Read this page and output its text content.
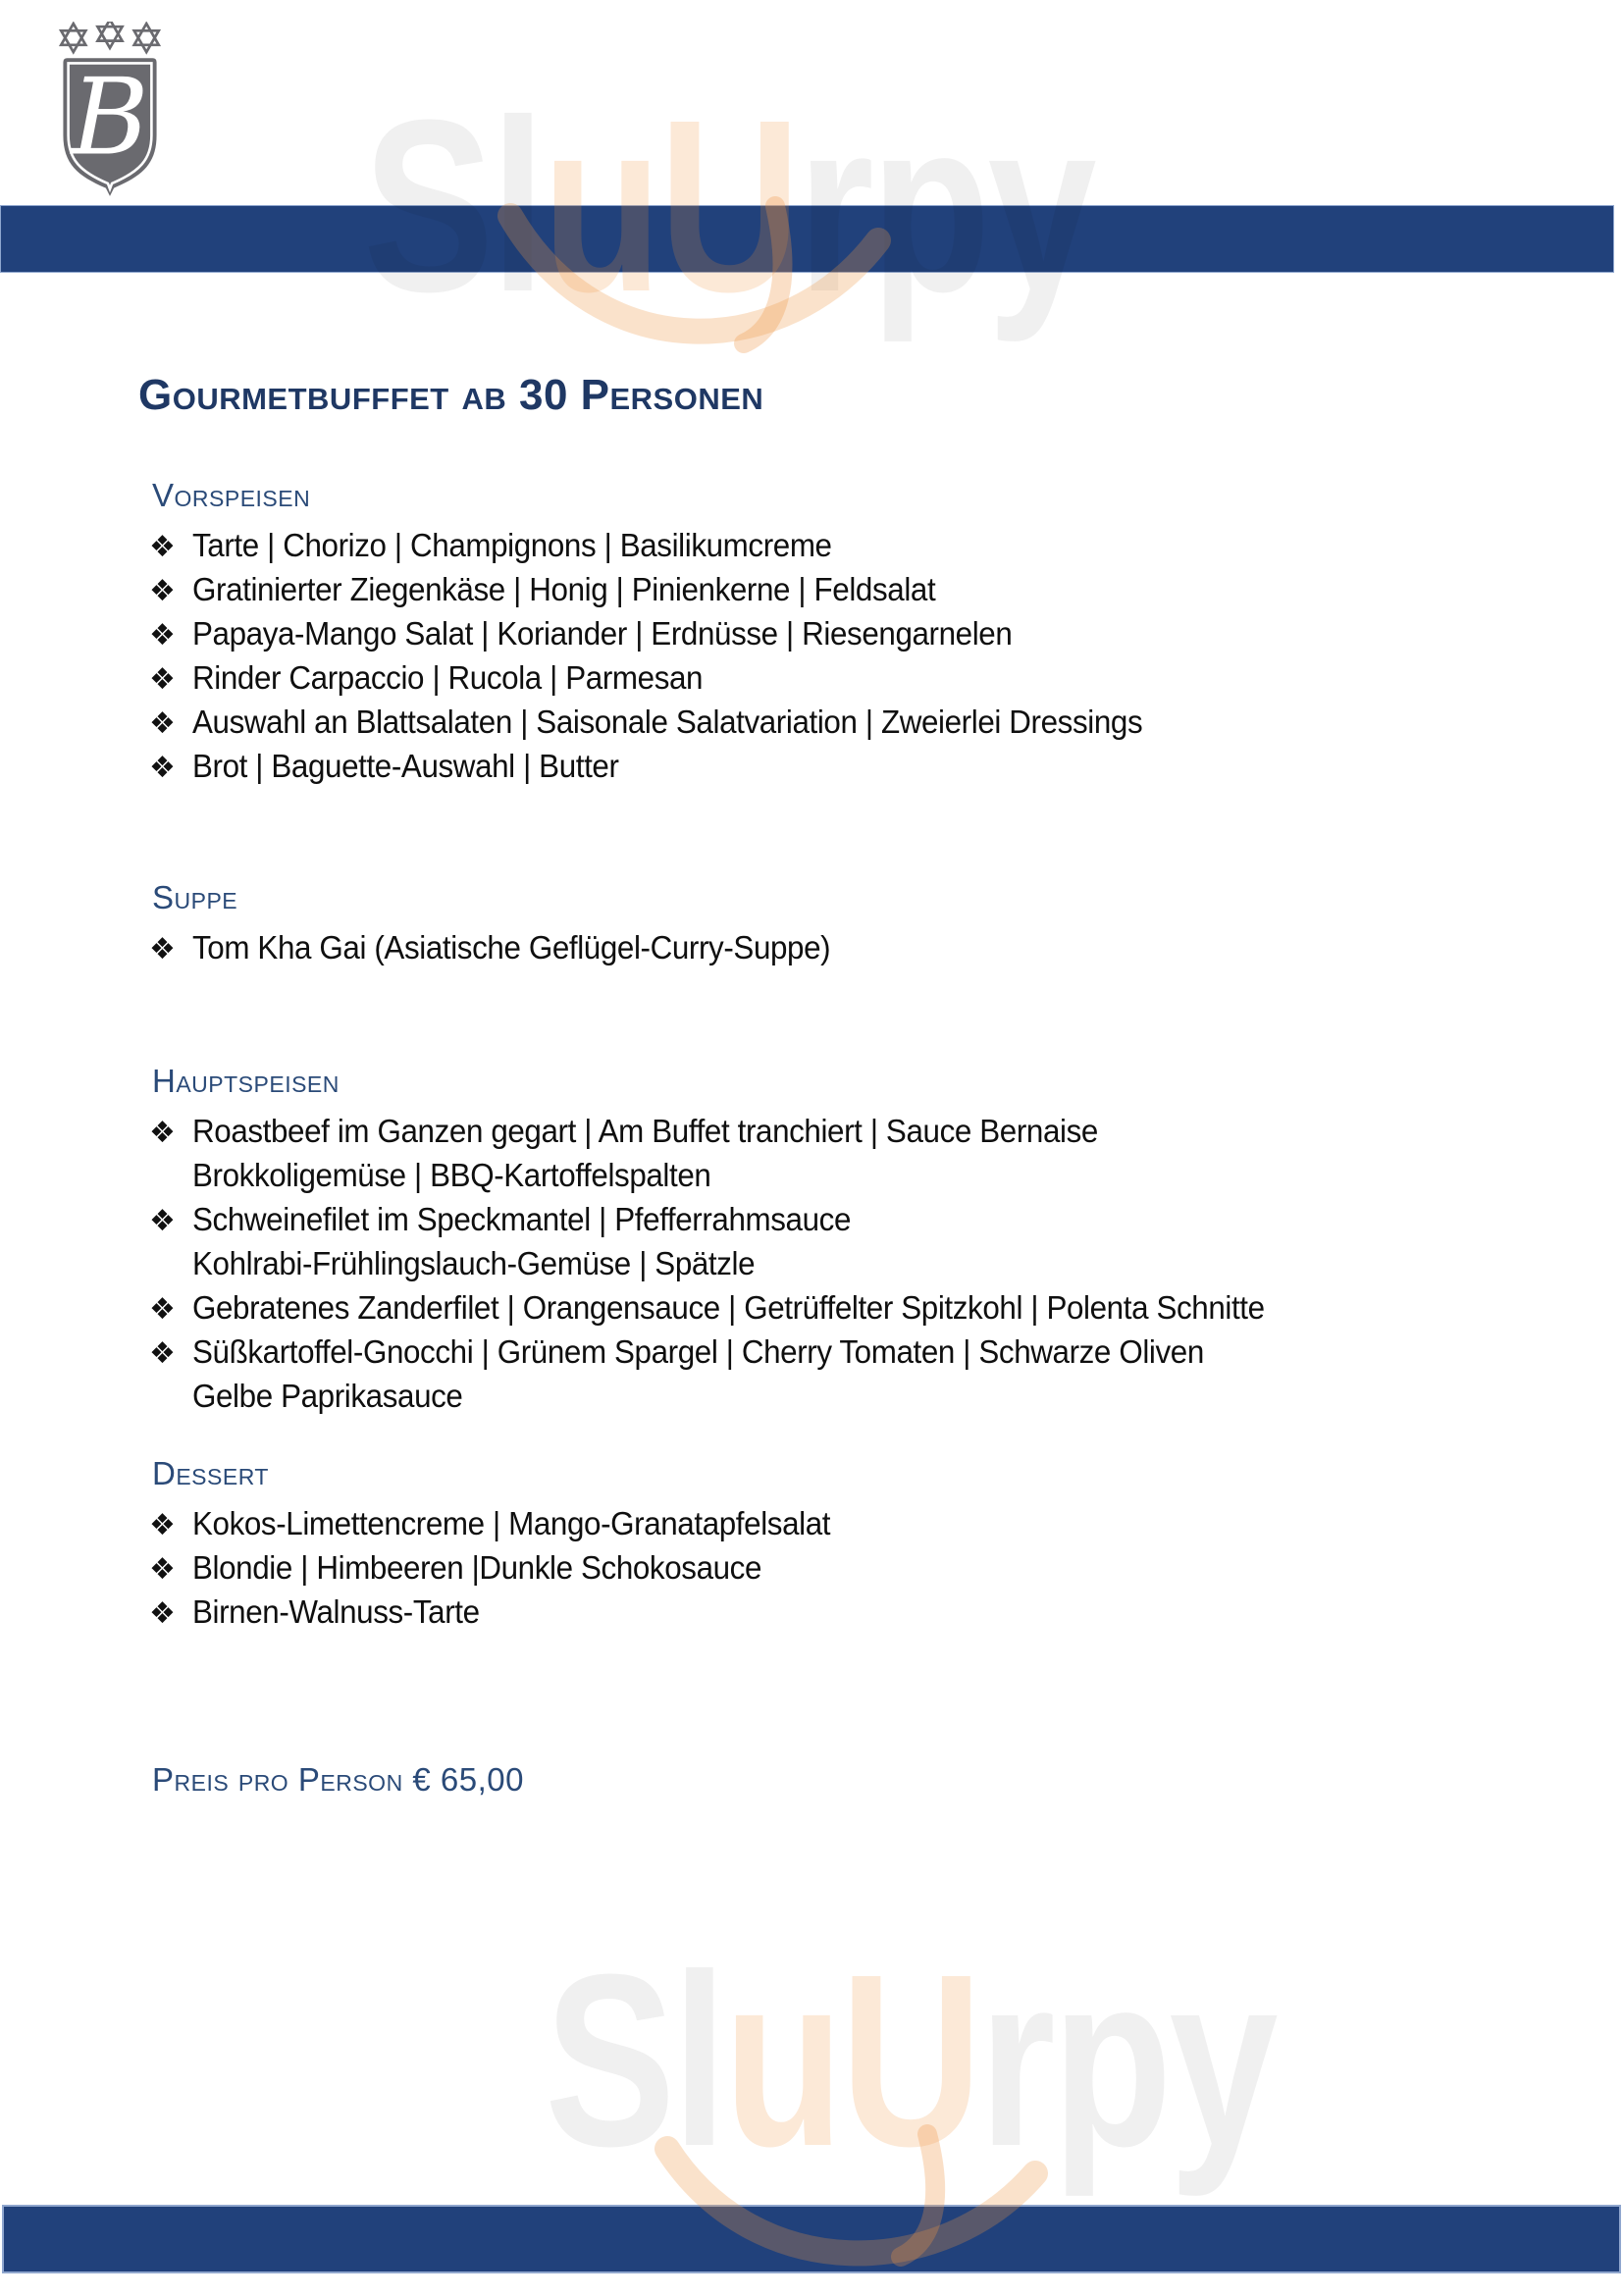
B
Gourmetbufffet ab 30 Personen
Vorspeisen
❖ Tarte | Chorizo | Champignons | Basilikumcreme
❖ Gratinierter Ziegenkäse | Honig | Pinienkerne | Feldsalat
❖ Papaya-Mango Salat | Koriander | Erdnüsse | Riesengarnelen
❖ Rinder Carpaccio | Rucola | Parmesan
❖ Auswahl an Blattsalaten | Saisonale Salatvariation | Zweierlei Dressings
❖ Brot | Baguette-Auswahl | Butter
Suppe
❖ Tom Kha Gai (Asiatische Geflügel-Curry-Suppe)
Hauptspeisen
❖ Roastbeef im Ganzen gegart | Am Buffet tranchiert | Sauce Bernaise
Brokkoligemüse | BBQ-Kartoffelspalten
❖ Schweinefilet im Speckmantel | Pfefferrahmsauce
Kohlrabi-Frühlingslauch-Gemüse | Spätzle
❖ Gebratenes Zanderfilet | Orangensauce | Getrüffelter Spitzkohl | Polenta Schnitte
❖ Süßkartoffel-Gnocchi | Grünem Spargel | Cherry Tomaten | Schwarze Oliven
Gelbe Paprikasauce
Dessert
❖ Kokos-Limettencreme | Mango-Granatapfelsalat
❖ Blondie | Himbeeren |Dunkle Schokosauce
❖ Birnen-Walnuss-Tarte
Preis pro Person € 65,00
uU
SluUrpy
